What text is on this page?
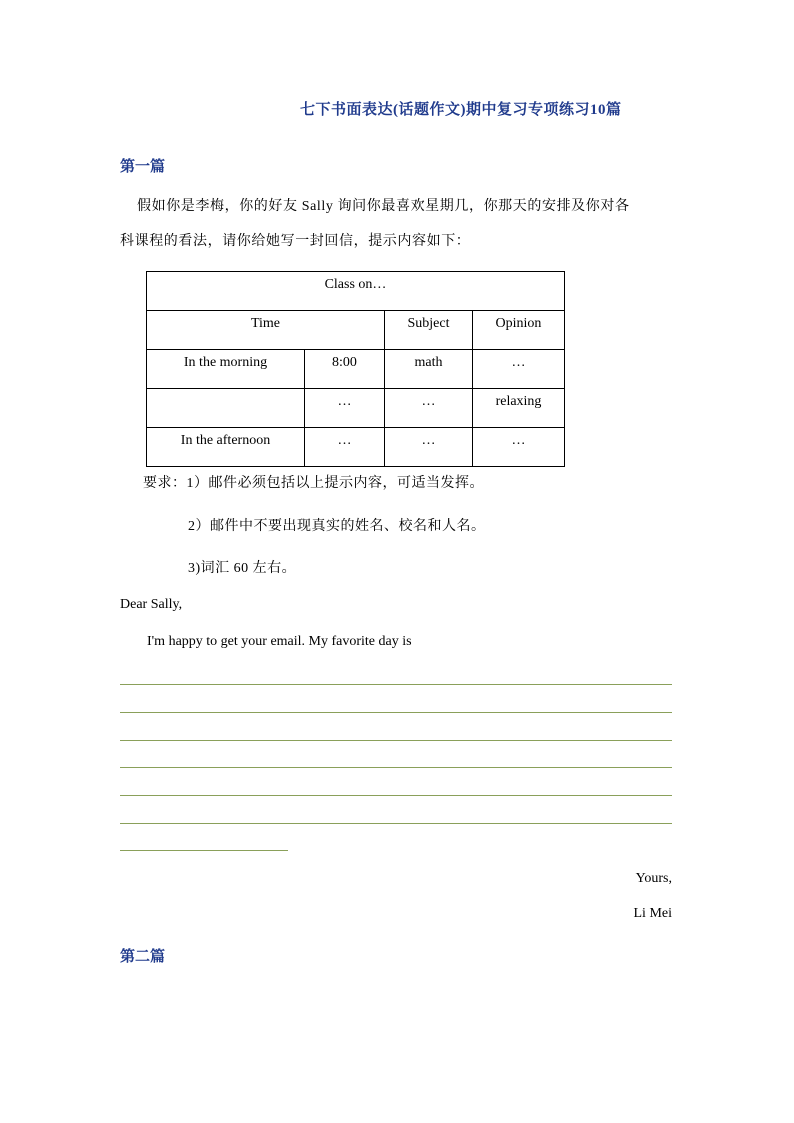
七下书面表达(话题作文)期中复习专项练习10篇
第一篇
假如你是李梅，你的好友 Sally 询问你最喜欢星期几，你那天的安排及你对各
科课程的看法，请你给她写一封回信，提示内容如下：
Class on…			
Time		Subject	Opinion
In the morning	8:00	math	…
	…	…	relaxing
In the afternoon	…	…	…
要求：1）邮件必须包括以上提示内容，可适当发挥。
2）邮件中不要出现真实的姓名、校名和人名。
3)词汇 60 左右。
Dear Sally,
I'm happy to get your email. My favorite day is
Yours,
Li Mei
第二篇
